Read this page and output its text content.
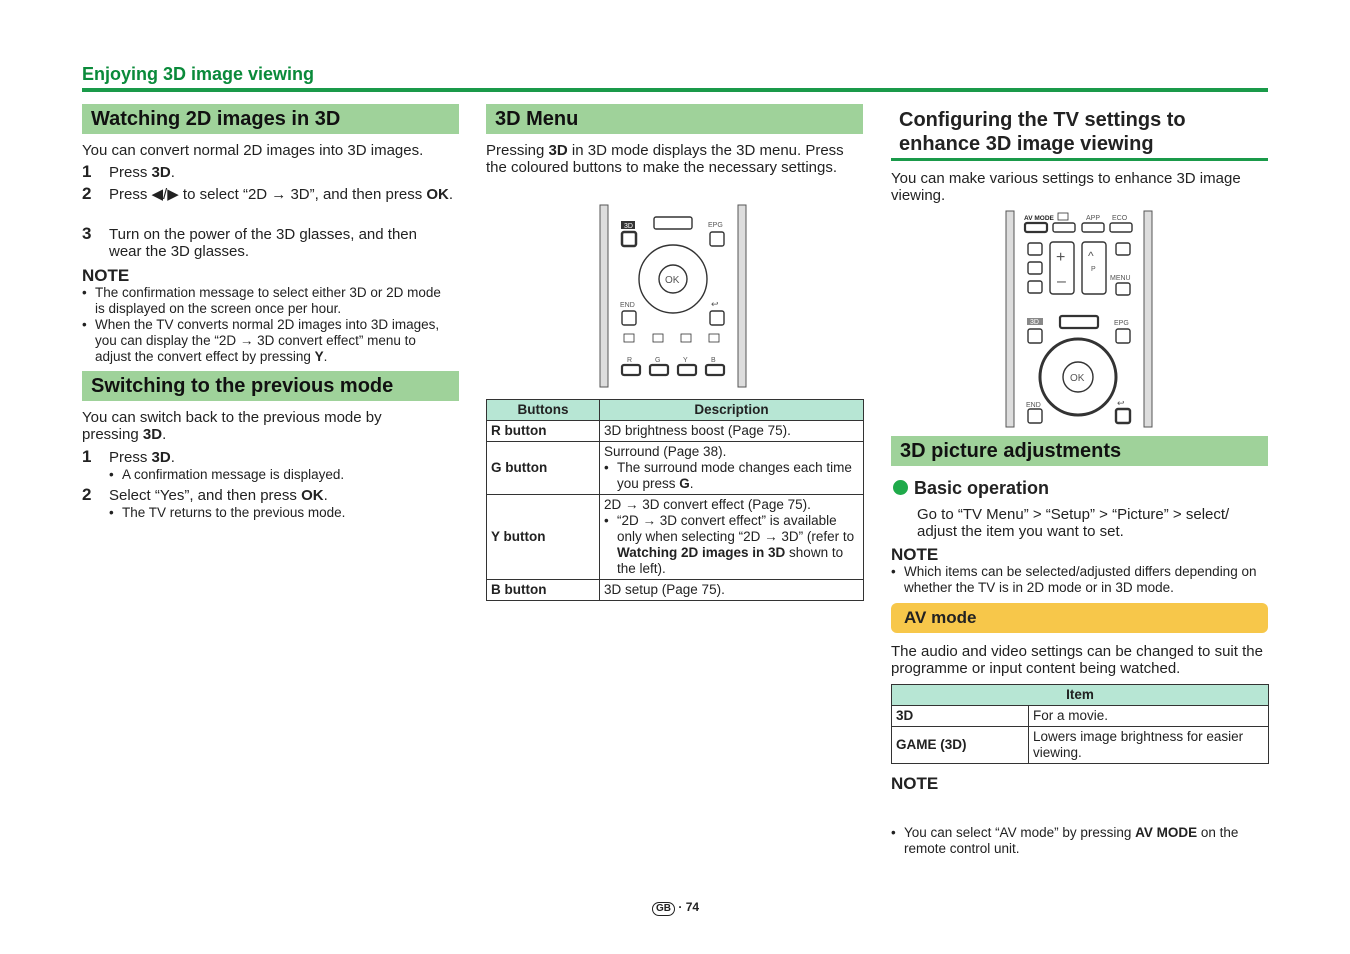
Enjoying 3D image viewing
Watching 2D images in 3D
You can convert normal 2D images into 3D images.
1 Press 3D.
2 Press ◀/▶ to select “2D → 3D”, and then press OK.
3 Turn on the power of the 3D glasses, and then wear the 3D glasses.
NOTE
• The confirmation message to select either 3D or 2D mode is displayed on the screen once per hour.
• When the TV converts normal 2D images into 3D images, you can display the “2D → 3D convert effect” menu to adjust the convert effect by pressing Y.
Switching to the previous mode
You can switch back to the previous mode by pressing 3D.
1 Press 3D.
• A confirmation message is displayed.
2 Select “Yes”, and then press OK.
• The TV returns to the previous mode.
3D Menu
Pressing 3D in 3D mode displays the 3D menu. Press the coloured buttons to make the necessary settings.
3D	EPG
OK
END	↩
R	G	Y	B
Buttons	Description
R button	3D brightness boost (Page 75).
G button	Surround (Page 38).
• The surround mode changes each time you press G.

Y button	2D → 3D convert effect (Page 75).
• “2D → 3D convert effect” is available only when selecting “2D → 3D” (refer to Watching 2D images in 3D shown to the left).

B button	3D setup (Page 75).
Configuring the TV settings to
enhance 3D image viewing
You can make various settings to enhance 3D image viewing.
AV MODE	APP ECO
+
–
P
^
MENU
3D	EPG
OK
END	↩
3D picture adjustments
Basic operation
Go to “TV Menu” > “Setup” > “Picture” > select/ adjust the item you want to set.
NOTE
• Which items can be selected/adjusted differs depending on whether the TV is in 2D mode or in 3D mode.
AV mode
The audio and video settings can be changed to suit the programme or input content being watched.
Item	
3D	For a movie.
GAME (3D)	Lowers image brightness for easier viewing.
NOTE
• You can select “AV mode” by pressing AV MODE on the remote control unit.
GB · 74
